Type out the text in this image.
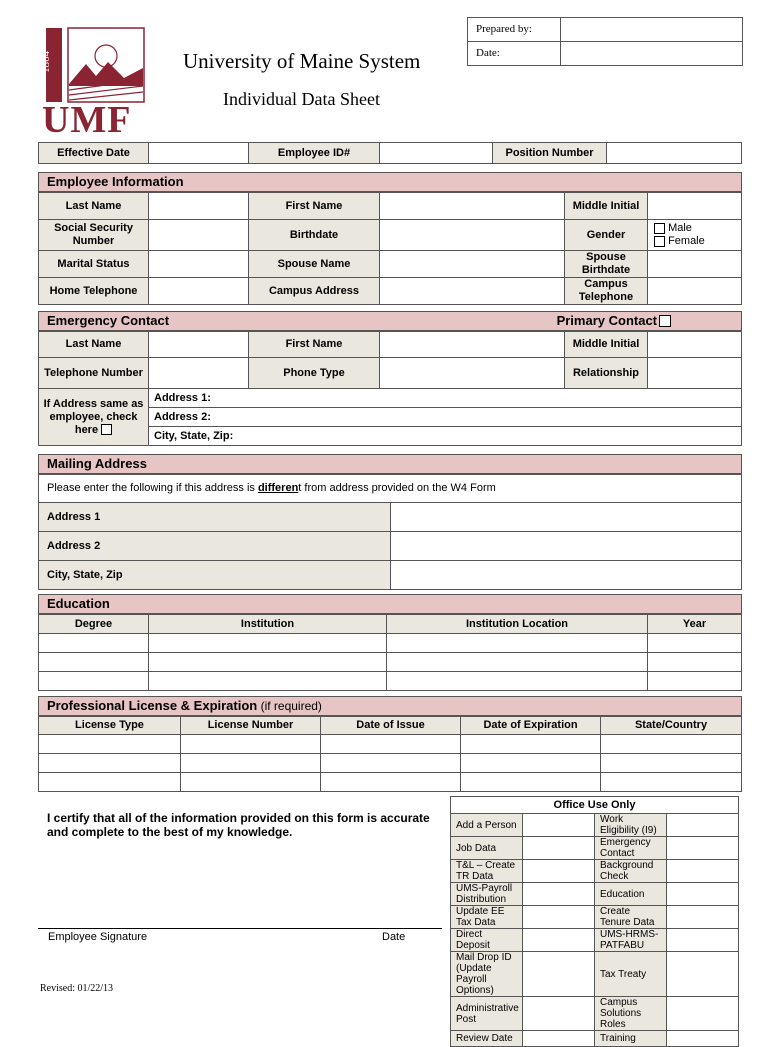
1864
UMF
University of Maine System
Individual Data Sheet
Prepared by:	
Date:	
Effective Date		Employee ID#		Position Number	
Employee Information
Last Name		First Name		Middle Initial	
Social Security Number		Birthdate		Gender	Male
Female

Marital Status		Spouse Name		Spouse Birthdate	
Home Telephone		Campus Address		Campus Telephone	
Emergency Contact	Primary Contact
Last Name		First Name		Middle Initial	
Telephone Number		Phone Type		Relationship	
If Address same as employee, check here	Address 1:
Address 2:
City, State, Zip:
Mailing Address
Please enter the following if this address is different from address provided on the W4 Form	
Address 1	
Address 2	
City, State, Zip	
Education
Degree	Institution	Institution Location	Year

Professional License & Expiration (if required)
License Type	License Number	Date of Issue	Date of Expiration	State/Country

I certify that all of the information provided on this form is accurate and complete to the best of my knowledge.
Employee Signature	Date
Office Use Only			
Add a Person		Work Eligibility (I9)	
Job Data		Emergency Contact	
T&L – Create TR Data		Background Check	
UMS-Payroll Distribution		Education	
Update EE Tax Data		Create Tenure Data	
Direct Deposit		UMS-HRMS-PATFABU	
Mail Drop ID (Update Payroll Options)		Tax Treaty	
Administrative Post		Campus Solutions Roles	
Review Date		Training	
Revised: 01/22/13
